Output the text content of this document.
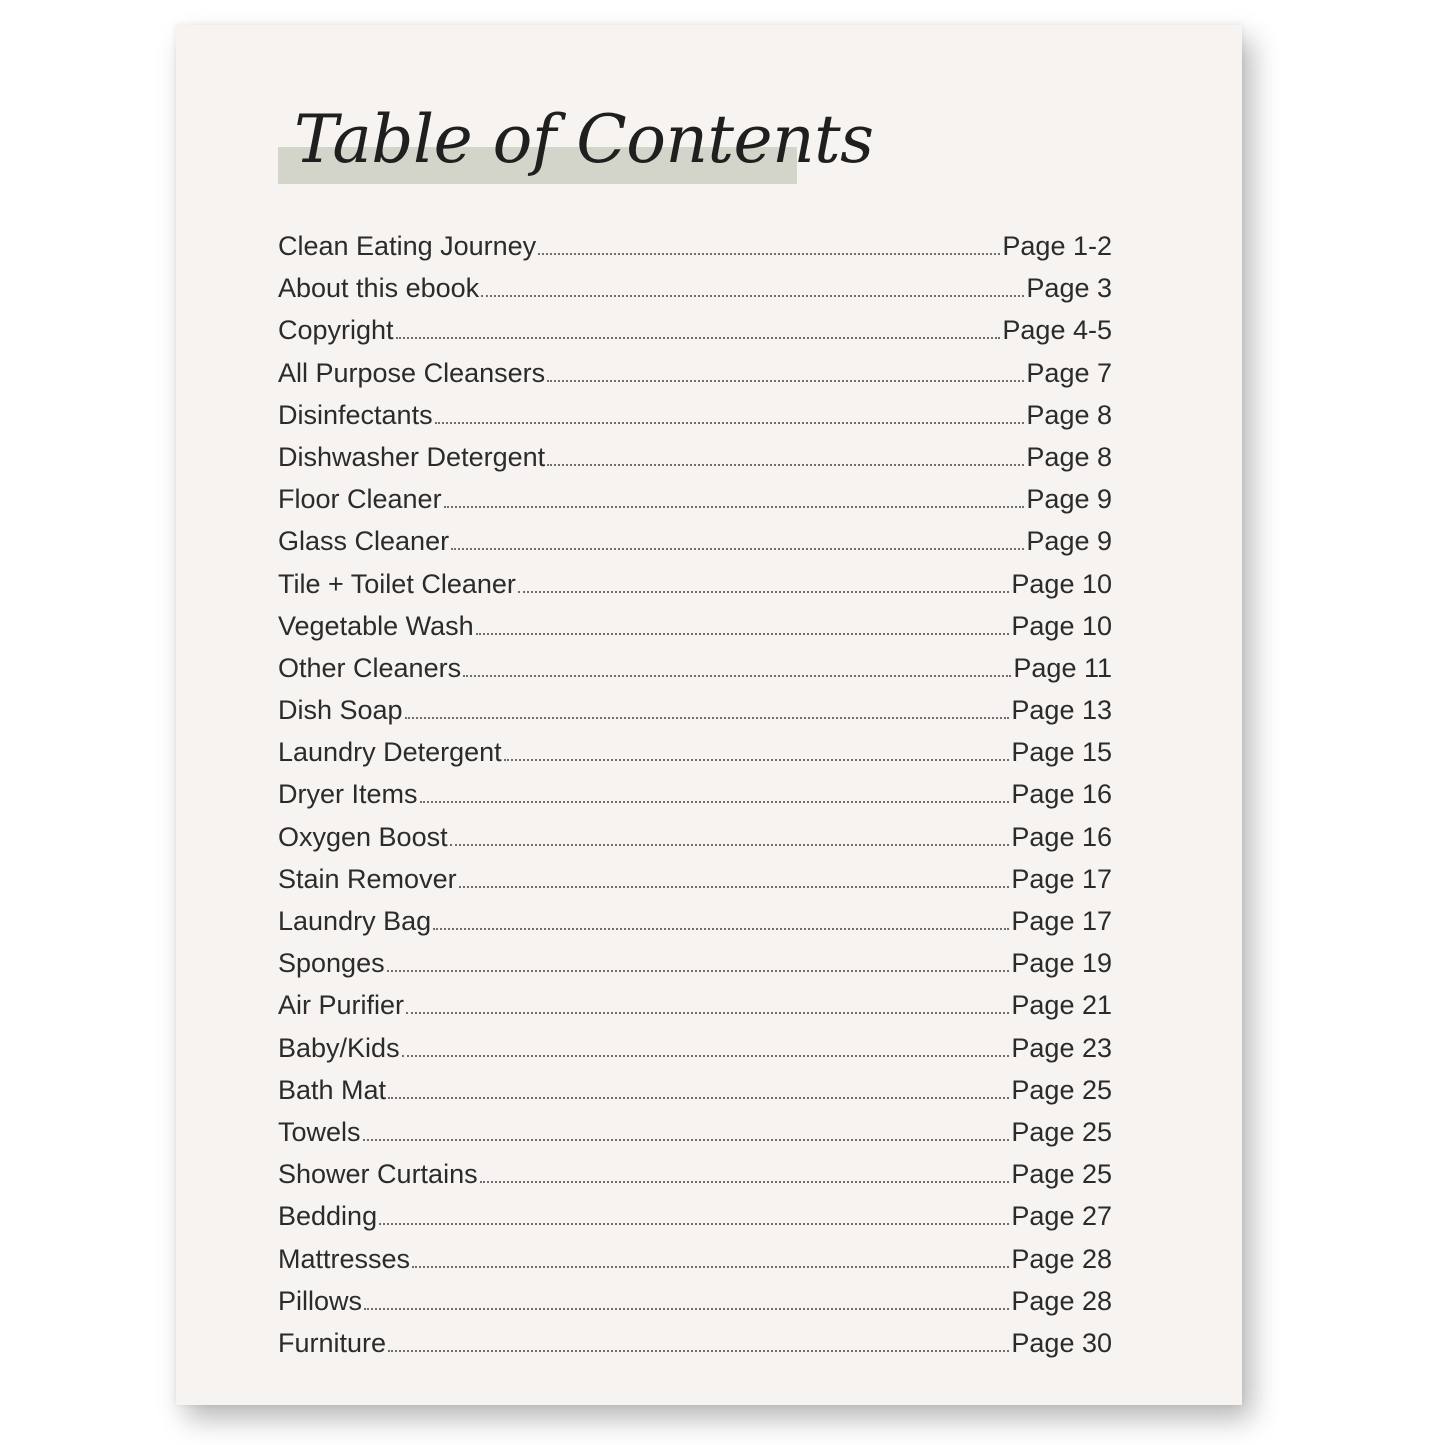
Table of Contents
Clean Eating Journey	Page 1-2
About this ebook	Page 3
Copyright	Page 4-5
All Purpose Cleansers	Page 7
Disinfectants	Page 8
Dishwasher Detergent	Page 8
Floor Cleaner	Page 9
Glass Cleaner	Page 9
Tile + Toilet Cleaner	Page 10
Vegetable Wash	Page 10
Other Cleaners	Page 11
Dish Soap	Page 13
Laundry Detergent	Page 15
Dryer Items	Page 16
Oxygen Boost	Page 16
Stain Remover	Page 17
Laundry Bag	Page 17
Sponges	Page 19
Air Purifier	Page 21
Baby/Kids	Page 23
Bath Mat	Page 25
Towels	Page 25
Shower Curtains	Page 25
Bedding	Page 27
Mattresses	Page 28
Pillows	Page 28
Furniture	Page 30
